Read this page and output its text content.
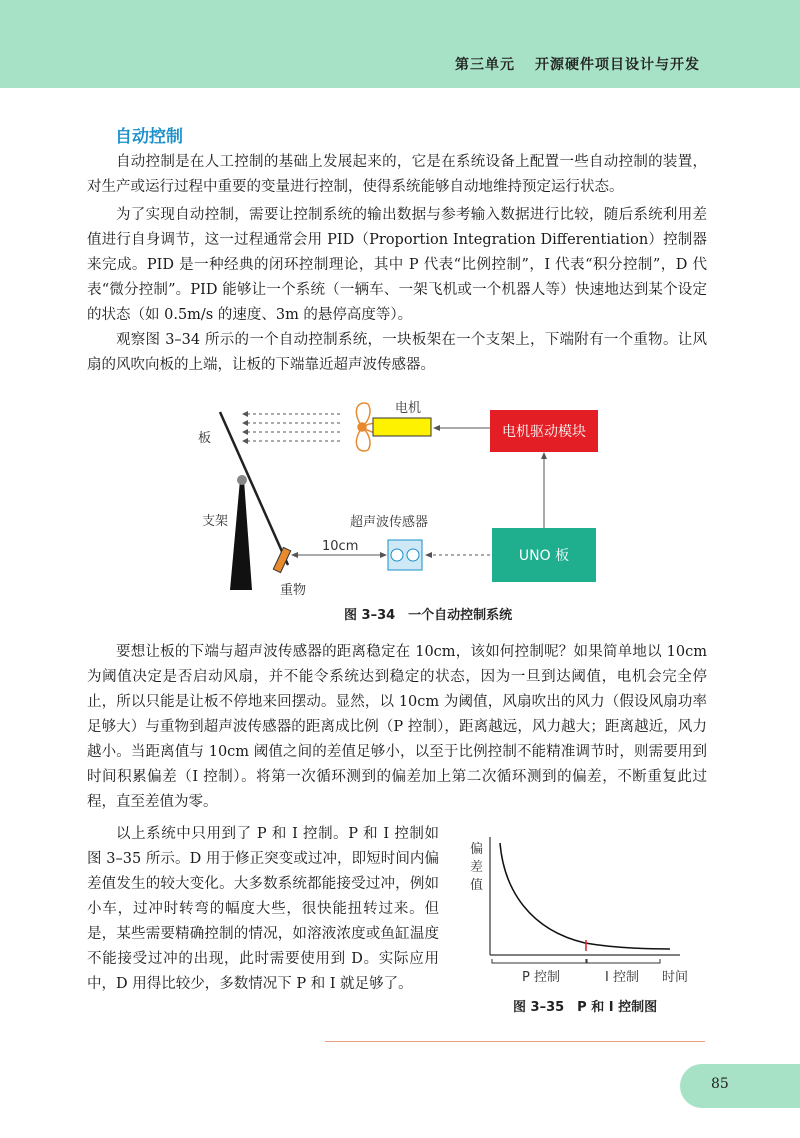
第三单元 开源硬件项目设计与开发
自动控制

自动控制是在人工控制的基础上发展起来的，它是在系统设备上配置一些自动控制的装置，对生产或运行过程中重要的变量进行控制，使得系统能够自动地维持预定运行状态。

为了实现自动控制，需要让控制系统的输出数据与参考输入数据进行比较，随后系统利用差值进行自身调节，这一过程通常会用 PID（Proportion Integration Differentiation）控制器来完成。PID 是一种经典的闭环控制理论，其中 P 代表“比例控制”，I 代表“积分控制”，D 代表“微分控制”。PID 能够让一个系统（一辆车、一架飞机或一个机器人等）快速地达到某个设定的状态（如 0.5m/s 的速度、3m 的悬停高度等）。

观察图 3–34 所示的一个自动控制系统，一块板架在一个支架上，下端附有一个重物。让风扇的风吹向板的上端，让板的下端靠近超声波传感器。

电机
电机驱动模块
UNO 板
超声波传感器
10cm
支架
板
重物
图 3–34　一个自动控制系统

要想让板的下端与超声波传感器的距离稳定在 10cm，该如何控制呢？如果简单地以 10cm 为阈值决定是否启动风扇，并不能令系统达到稳定的状态，因为一旦到达阈值，电机会完全停止，所以只能是让板不停地来回摆动。显然，以 10cm 为阈值，风扇吹出的风力（假设风扇功率足够大）与重物到超声波传感器的距离成比例（P 控制），距离越远，风力越大；距离越近，风力越小。当距离值与 10cm 阈值之间的差值足够小，以至于比例控制不能精准调节时，则需要用到时间积累偏差（I 控制）。将第一次循环测到的偏差加上第二次循环测到的偏差，不断重复此过程，直至差值为零。

以上系统中只用到了 P 和 I 控制。P 和 I 控制如图 3–35 所示。D 用于修正突变或过冲，即短时间内偏差值发生的较大变化。大多数系统都能接受过冲，例如小车，过冲时转弯的幅度大些，很快能扭转过来。但是，某些需要精确控制的情况，如溶液浓度或鱼缸温度不能接受过冲的出现，此时需要使用到 D。实际应用中，D 用得比较少，多数情况下 P 和 I 就足够了。

偏
差
值
P 控制	I 控制 时间
图 3–35　P 和 I 控制图
85
